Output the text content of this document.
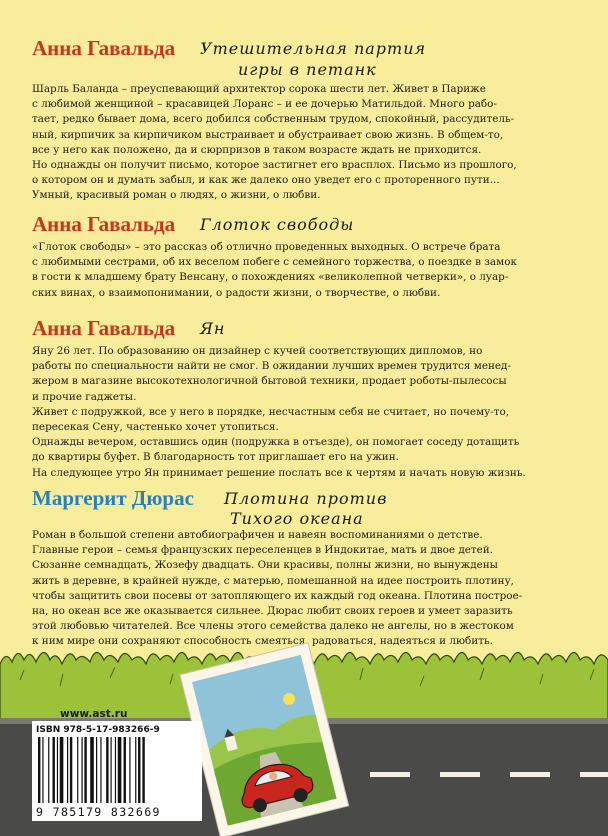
Анна Гавальда Утешительная партия
игры в петанк
Шарль Баланда – преуспевающий архитектор сорока шести лет. Живет в Париже
с любимой женщиной – красавицей Лоранс – и ее дочерью Матильдой. Много рабо-
тает, редко бывает дома, всего добился собственным трудом, спокойный, рассудитель-
ный, кирпичик за кирпичиком выстраивает и обустраивает свою жизнь. В общем-то,
все у него как положено, да и сюрпризов в таком возрасте ждать не приходится.
Но однажды он получит письмо, которое застигнет его врасплох. Письмо из прошлого,
о котором он и думать забыл, и как же далеко оно уведет его с проторенного пути...
Умный, красивый роман о людях, о жизни, о любви.
Анна Гавальда Глоток свободы
«Глоток свободы» – это рассказ об отлично проведенных выходных. О встрече брата
с любимыми сестрами, об их веселом побеге с семейного торжества, о поездке в замок
в гости к младшему брату Венсану, о похождениях «великолепной четверки», о луар-
ских винах, о взаимопонимании, о радости жизни, о творчестве, о любви.
Анна Гавальда Ян
Яну 26 лет. По образованию он дизайнер с кучей соответствующих дипломов, но
работы по специальности найти не смог. В ожидании лучших времен трудится менед-
жером в магазине высокотехнологичной бытовой техники, продает роботы-пылесосы
и прочие гаджеты.
Живет с подружкой, все у него в порядке, несчастным себя не считает, но почему-то,
пересекая Сену, частенько хочет утопиться.
Однажды вечером, оставшись один (подружка в отъезде), он помогает соседу дотащить
до квартиры буфет. В благодарность тот приглашает его на ужин.
На следующее утро Ян принимает решение послать все к чертям и начать новую жизнь.
Маргерит Дюрас Плотина против
Тихого океана
Роман в большой степени автобиографичен и навеян воспоминаниями о детстве.
Главные герои – семья французских переселенцев в Индокитае, мать и двое детей.
Сюзанне семнадцать, Жозефу двадцать. Они красивы, полны жизни, но вынуждены
жить в деревне, в крайней нужде, с матерью, помешанной на идее построить плотину,
чтобы защитить свои посевы от затопляющего их каждый год океана. Плотина построе-
на, но океан все же оказывается сильнее. Дюрас любит своих героев и умеет заразить
этой любовью читателей. Все члены этого семейства далеко не ангелы, но в жестоком
к ним мире они сохраняют способность смеяться, радоваться, надеяться и любить.
www.ast.ru
ISBN 978-5-17-983266-9
9 785179 832669
